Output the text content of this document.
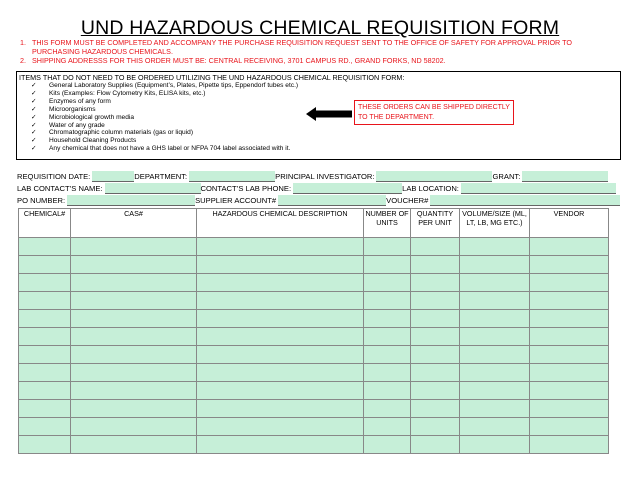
UND HAZARDOUS CHEMICAL REQUISITION FORM
1. THIS FORM MUST BE COMPLETED AND ACCOMPANY THE PURCHASE REQUISITION REQUEST SENT TO THE OFFICE OF SAFETY FOR APPROVAL PRIOR TO
PURCHASING HAZARDOUS CHEMICALS.
2. SHIPPING ADDRESSS FOR THIS ORDER MUST BE: CENTRAL RECEIVING, 3701 CAMPUS RD., GRAND FORKS, ND 58202.
ITEMS THAT DO NOT NEED TO BE ORDERED UTILIZING THE UND HAZARDOUS CHEMICAL REQUISITION FORM:
✓	General Laboratory Supplies (Equipment’s, Plates, Pipette tips, Eppendorf tubes etc.)
✓	Kits (Examples: Flow Cytometry Kits, ELISA kits, etc.)
✓	Enzymes of any form
✓	Microorganisms
✓	Microbiological growth media
✓	Water of any grade
✓	Chromatographic column materials (gas or liquid)
✓	Household Cleaning Products
✓	Any chemical that does not have a GHS label or NFPA 704 label associated with it.
THESE ORDERS CAN BE SHIPPED DIRECTLY
TO THE DEPARTMENT.
REQUISITION DATE:	DEPARTMENT:	PRINCIPAL INVESTIGATOR:	GRANT:
LAB CONTACT’S NAME:	CONTACT’S LAB PHONE:	LAB LOCATION:
PO NUMBER:	SUPPLIER ACCOUNT#	VOUCHER#
CHEMICAL#	CAS#	HAZARDOUS CHEMICAL DESCRIPTION	NUMBER OF UNITS	QUANTITY PER UNIT	VOLUME/SIZE (ML, LT, LB, MG ETC.)	VENDOR
